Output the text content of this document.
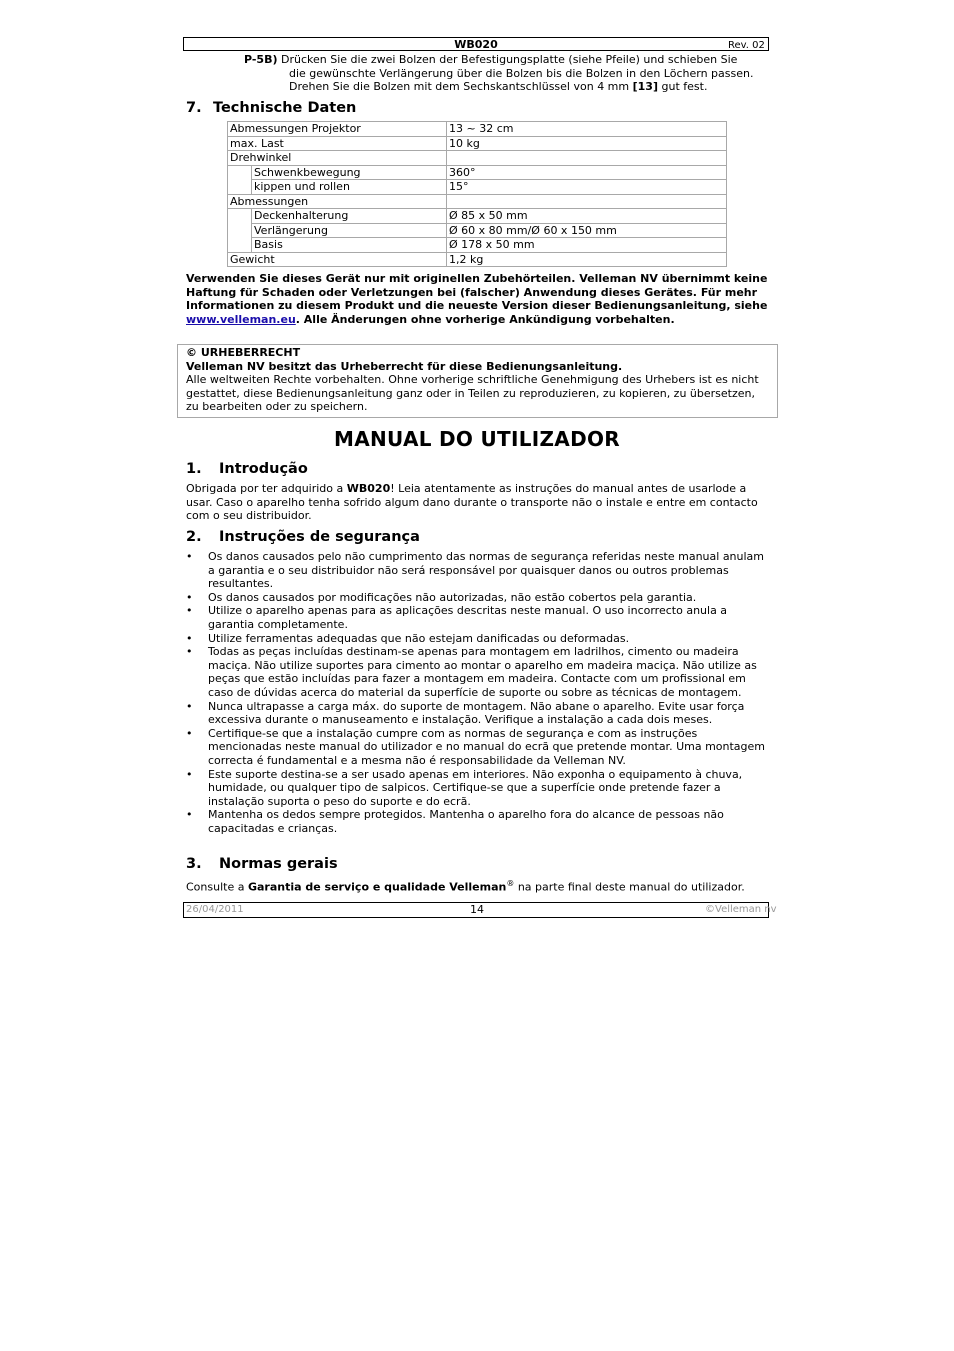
WB020	Rev. 02
P-5B) Drücken Sie die zwei Bolzen der Befestigungsplatte (siehe Pfeile) und schieben Sie
die gewünschte Verlängerung über die Bolzen bis die Bolzen in den Löchern passen.
Drehen Sie die Bolzen mit dem Sechskantschlüssel von 4 mm [13] gut fest.
7. Technische Daten
Abmessungen Projektor		13 ~ 32 cm
max. Last		10 kg
Drehwinkel		
	Schwenkbewegung	360°
	kippen und rollen	15°
Abmessungen		
	Deckenhalterung	Ø 85 x 50 mm
	Verlängerung	Ø 60 x 80 mm/Ø 60 x 150 mm
	Basis	Ø 178 x 50 mm
Gewicht		1,2 kg
Verwenden Sie dieses Gerät nur mit originellen Zubehörteilen. Velleman NV übernimmt keine Haftung für Schaden oder Verletzungen bei (falscher) Anwendung dieses Gerätes. Für mehr Informationen zu diesem Produkt und die neueste Version dieser Bedienungsanleitung, siehe www.velleman.eu. Alle Änderungen ohne vorherige Ankündigung vorbehalten.
© URHEBERRECHT
Velleman NV besitzt das Urheberrecht für diese Bedienungsanleitung.
Alle weltweiten Rechte vorbehalten. Ohne vorherige schriftliche Genehmigung des Urhebers ist es nicht gestattet, diese Bedienungsanleitung ganz oder in Teilen zu reproduzieren, zu kopieren, zu übersetzen, zu bearbeiten oder zu speichern.
MANUAL DO UTILIZADOR
1. Introdução
Obrigada por ter adquirido a WB020! Leia atentamente as instruções do manual antes de usarlode a usar. Caso o aparelho tenha sofrido algum dano durante o transporte não o instale e entre em contacto com o seu distribuidor.
2. Instruções de segurança
• Os danos causados pelo não cumprimento das normas de segurança referidas neste manual anulam a garantia e o seu distribuidor não será responsável por quaisquer danos ou outros problemas resultantes.
• Os danos causados por modificações não autorizadas, não estão cobertos pela garantia.
• Utilize o aparelho apenas para as aplicações descritas neste manual. O uso incorrecto anula a garantia completamente.
• Utilize ferramentas adequadas que não estejam danificadas ou deformadas.
• Todas as peças incluídas destinam-se apenas para montagem em ladrilhos, cimento ou madeira maciça. Não utilize suportes para cimento ao montar o aparelho em madeira maciça. Não utilize as peças que estão incluídas para fazer a montagem em madeira. Contacte com um profissional em caso de dúvidas acerca do material da superfície de suporte ou sobre as técnicas de montagem.
• Nunca ultrapasse a carga máx. do suporte de montagem. Não abane o aparelho. Evite usar força excessiva durante o manuseamento e instalação. Verifique a instalação a cada dois meses.
• Certifique-se que a instalação cumpre com as normas de segurança e com as instruções mencionadas neste manual do utilizador e no manual do ecrã que pretende montar. Uma montagem correcta é fundamental e a mesma não é responsabilidade da Velleman NV.
• Este suporte destina-se a ser usado apenas em interiores. Não exponha o equipamento à chuva, humidade, ou qualquer tipo de salpicos. Certifique-se que a superfície onde pretende fazer a instalação suporta o peso do suporte e do ecrã.
• Mantenha os dedos sempre protegidos. Mantenha o aparelho fora do alcance de pessoas não capacitadas e crianças.
3. Normas gerais
Consulte a Garantia de serviço e qualidade Velleman® na parte final deste manual do utilizador.
26/04/2011	14	©Velleman nv
